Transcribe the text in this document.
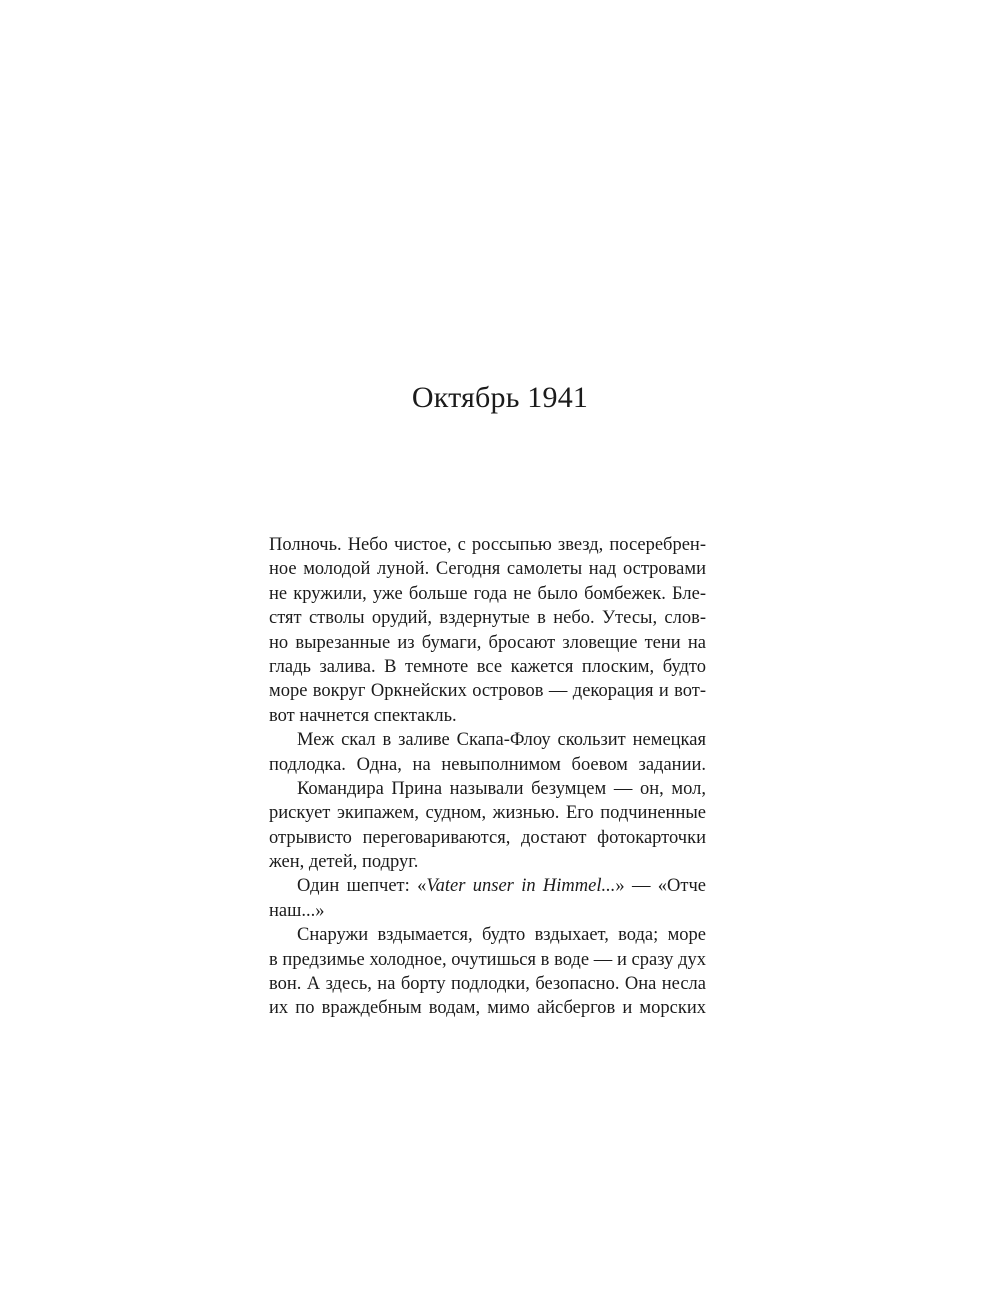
Октябрь 1941
Полночь. Небо чистое, с россыпью звезд, посеребрен-
ное молодой луной. Сегодня самолеты над островами
не кружили, уже больше года не было бомбежек. Бле-
стят стволы орудий, вздернутые в небо. Утесы, слов-
но вырезанные из бумаги, бросают зловещие тени на
гладь залива. В темноте все кажется плоским, будто
море вокруг Оркнейских островов — декорация и вот-
вот начнется спектакль.
Меж скал в заливе Скапа-Флоу скользит немецкая
подлодка. Одна, на невыполнимом боевом задании.
Командира Прина называли безумцем — он, мол,
рискует экипажем, судном, жизнью. Его подчиненные
отрывисто переговариваются, достают фотокарточки
жен, детей, подруг.
Один шепчет: «Vater unser in Himmel...» — «Отче
наш...»
Снаружи вздымается, будто вздыхает, вода; море
в предзимье холодное, очутишься в воде — и сразу дух
вон. А здесь, на борту подлодки, безопасно. Она несла
их по враждебным водам, мимо айсбергов и морских
